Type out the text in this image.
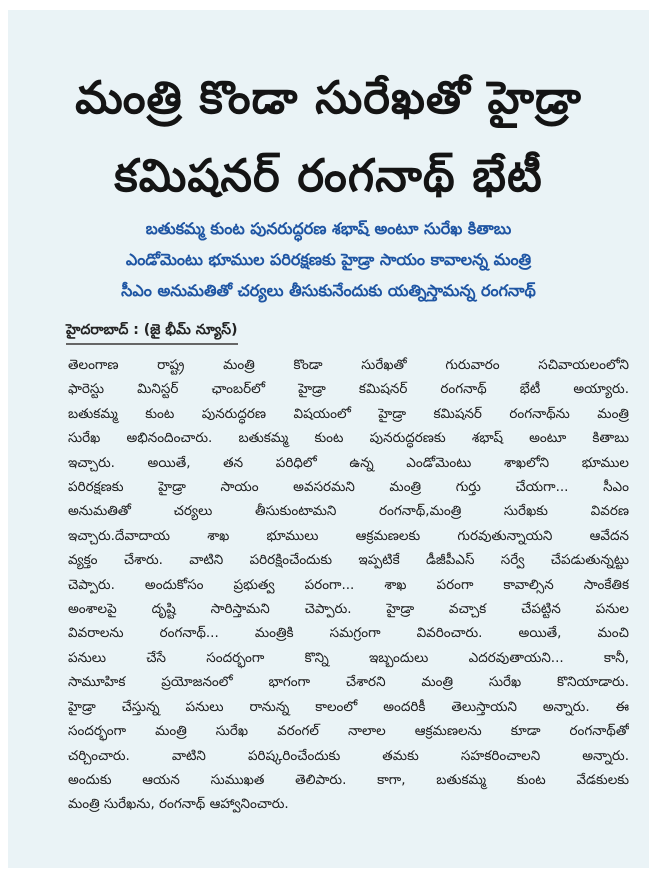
మంత్రి కొండా సురేఖతో హైడ్రా
కమిషనర్ రంగనాథ్ భేటీ
బతుకమ్మ కుంట పునరుద్ధరణ శభాష్ అంటూ సురేఖ కితాబు
ఎండోమెంటు భూముల పరిరక్షణకు హైడ్రా సాయం కావాలన్న మంత్రి
సీఎం అనుమతితో చర్యలు తీసుకునేందుకు యత్నిస్తామన్న రంగనాథ్
హైదరాబాద్ : (జై భీమ్ న్యూస్)

తెలంగాణ రాష్ట్ర మంత్రి కొండా సురేఖతో గురువారం సచివాయలంలోని

ఫారెస్టు మినిస్టర్ ఛాంబర్‌లో హైడ్రా కమిషనర్ రంగనాథ్ భేటీ అయ్యారు.

బతుకమ్మ కుంట పునరుద్ధరణ విషయంలో హైడ్రా కమిషనర్ రంగనాథ్‌ను మంత్రి

సురేఖ అభినందించారు. బతుకమ్మ కుంట పునరుద్ధరణకు శభాష్ అంటూ కితాబు

ఇచ్చారు. అయితే, తన పరిధిలో ఉన్న ఎండోమెంటు శాఖలోని భూముల

పరిరక్షణకు హైడ్రా సాయం అవసరమని మంత్రి గుర్తు చేయగా... సీఎం

అనుమతితో చర్యలు తీసుకుంటామని రంగనాథ్,మంత్రి సురేఖకు వివరణ

ఇచ్చారు.దేవాదాయ శాఖ భూములు ఆక్రమణలకు గురవుతున్నాయని ఆవేదన

వ్యక్తం చేశారు. వాటిని పరిరక్షించేందుకు ఇప్పటికే డీజీపీఎస్ సర్వే చేపడుతున్నట్టు

చెప్పారు. అందుకోసం ప్రభుత్వ పరంగా... శాఖ పరంగా కావాల్సిన సాంకేతిక

అంశాలపై దృష్టి సారిస్తామని చెప్పారు. హైడ్రా వచ్చాక చేపట్టిన పనుల

వివరాలను రంగనాథ్... మంత్రికి సమగ్రంగా వివరించారు. అయితే, మంచి

పనులు చేసే సందర్భంగా కొన్ని ఇబ్బందులు ఎదరవుతాయని... కానీ,

సామూహిక ప్రయోజనంలో భాగంగా చేశారని మంత్రి సురేఖ కొనియాడారు.

హైడ్రా చేస్తున్న పనులు రానున్న కాలంలో అందరికీ తెలుస్తాయని అన్నారు. ఈ

సందర్భంగా మంత్రి సురేఖ వరంగల్ నాలాల ఆక్రమణలను కూడా రంగనాథ్‌తో

చర్చించారు. వాటిని పరిష్కరించేందుకు తమకు సహకరించాలని అన్నారు.

అందుకు ఆయన సుముఖత తెలిపారు. కాగా, బతుకమ్మ కుంట వేడకులకు

మంత్రి సురేఖను, రంగనాథ్ ఆహ్వానించారు.
